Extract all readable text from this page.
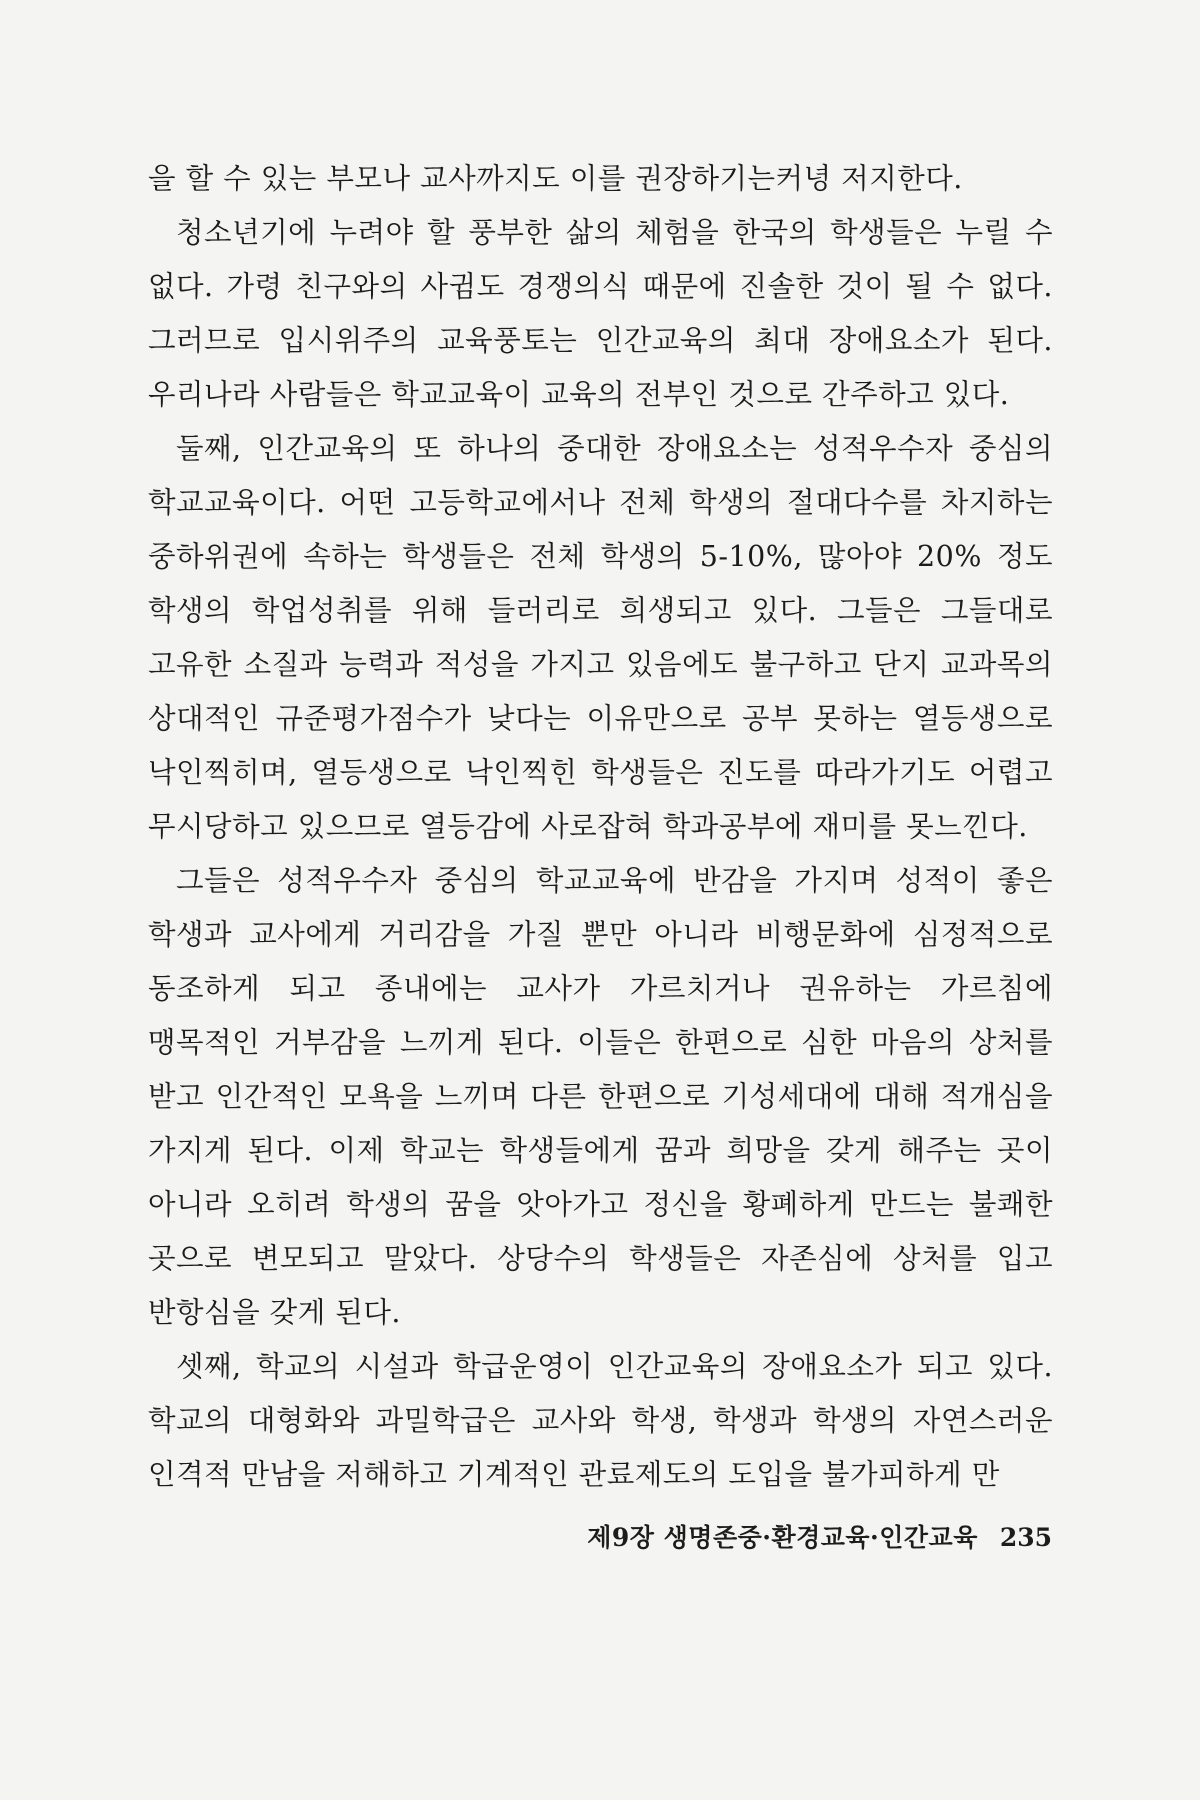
을 할 수 있는 부모나 교사까지도 이를 권장하기는커녕 저지한다.

청소년기에 누려야 할 풍부한 삶의 체험을 한국의 학생들은 누릴 수 없다. 가령 친구와의 사귐도 경쟁의식 때문에 진솔한 것이 될 수 없다. 그러므로 입시위주의 교육풍토는 인간교육의 최대 장애요소가 된다. 우리나라 사람들은 학교교육이 교육의 전부인 것으로 간주하고 있다.

둘째, 인간교육의 또 하나의 중대한 장애요소는 성적우수자 중심의 학교교육이다. 어떤 고등학교에서나 전체 학생의 절대다수를 차지하는 중하위권에 속하는 학생들은 전체 학생의 5-10%, 많아야 20% 정도 학생의 학업성취를 위해 들러리로 희생되고 있다. 그들은 그들대로 고유한 소질과 능력과 적성을 가지고 있음에도 불구하고 단지 교과목의 상대적인 규준평가점수가 낮다는 이유만으로 공부 못하는 열등생으로 낙인찍히며, 열등생으로 낙인찍힌 학생들은 진도를 따라가기도 어렵고 무시당하고 있으므로 열등감에 사로잡혀 학과공부에 재미를 못느낀다.

그들은 성적우수자 중심의 학교교육에 반감을 가지며 성적이 좋은 학생과 교사에게 거리감을 가질 뿐만 아니라 비행문화에 심정적으로 동조하게 되고 종내에는 교사가 가르치거나 권유하는 가르침에 맹목적인 거부감을 느끼게 된다. 이들은 한편으로 심한 마음의 상처를 받고 인간적인 모욕을 느끼며 다른 한편으로 기성세대에 대해 적개심을 가지게 된다. 이제 학교는 학생들에게 꿈과 희망을 갖게 해주는 곳이 아니라 오히려 학생의 꿈을 앗아가고 정신을 황폐하게 만드는 불쾌한 곳으로 변모되고 말았다. 상당수의 학생들은 자존심에 상처를 입고 반항심을 갖게 된다.

셋째, 학교의 시설과 학급운영이 인간교육의 장애요소가 되고 있다. 학교의 대형화와 과밀학급은 교사와 학생, 학생과 학생의 자연스러운 인격적 만남을 저해하고 기계적인 관료제도의 도입을 불가피하게 만

제9장 생명존중·환경교육·인간교육 235
